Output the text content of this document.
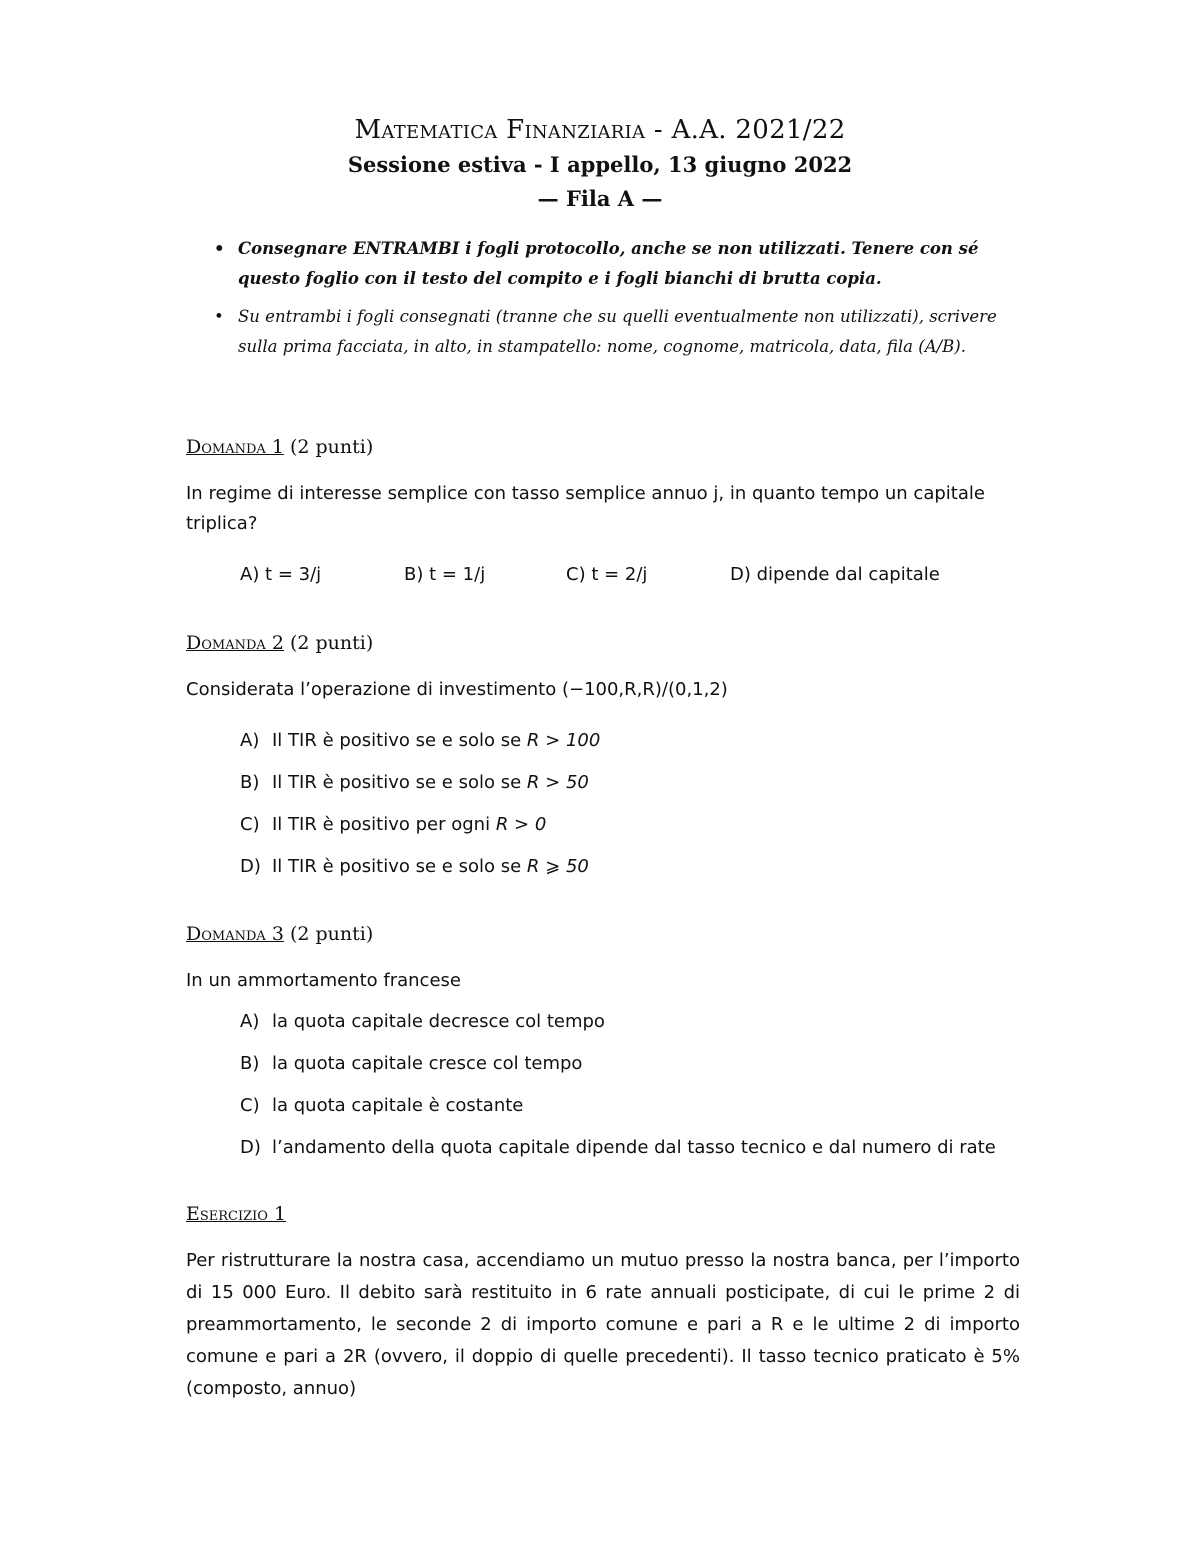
Matematica Finanziaria - A.A. 2021/22
Sessione estiva - I appello, 13 giugno 2022
— Fila A —
• Consegnare ENTRAMBI i fogli protocollo, anche se non utilizzati. Tenere con sé questo foglio con il testo del compito e i fogli bianchi di brutta copia.
• Su entrambi i fogli consegnati (tranne che su quelli eventualmente non utilizzati), scrivere sulla prima facciata, in alto, in stampatello: nome, cognome, matricola, data, fila (A/B).
Domanda 1 (2 punti)
In regime di interesse semplice con tasso semplice annuo j, in quanto tempo un capitale triplica?
A) t = 3/j	B) t = 1/j	C) t = 2/j	D) dipende dal capitale
Domanda 2 (2 punti)
Considerata l’operazione di investimento (−100,R,R)/(0,1,2)
A) Il TIR è positivo se e solo se R > 100
B) Il TIR è positivo se e solo se R > 50
C) Il TIR è positivo per ogni R > 0
D) Il TIR è positivo se e solo se R ⩾ 50
Domanda 3 (2 punti)
In un ammortamento francese
A) la quota capitale decresce col tempo
B) la quota capitale cresce col tempo
C) la quota capitale è costante
D) l’andamento della quota capitale dipende dal tasso tecnico e dal numero di rate
Esercizio 1
Per ristrutturare la nostra casa, accendiamo un mutuo presso la nostra banca, per l’importo di 15 000 Euro. Il debito sarà restituito in 6 rate annuali posticipate, di cui le prime 2 di preammortamento, le seconde 2 di importo comune e pari a R e le ultime 2 di importo comune e pari a 2R (ovvero, il doppio di quelle precedenti). Il tasso tecnico praticato è 5% (composto, annuo)
